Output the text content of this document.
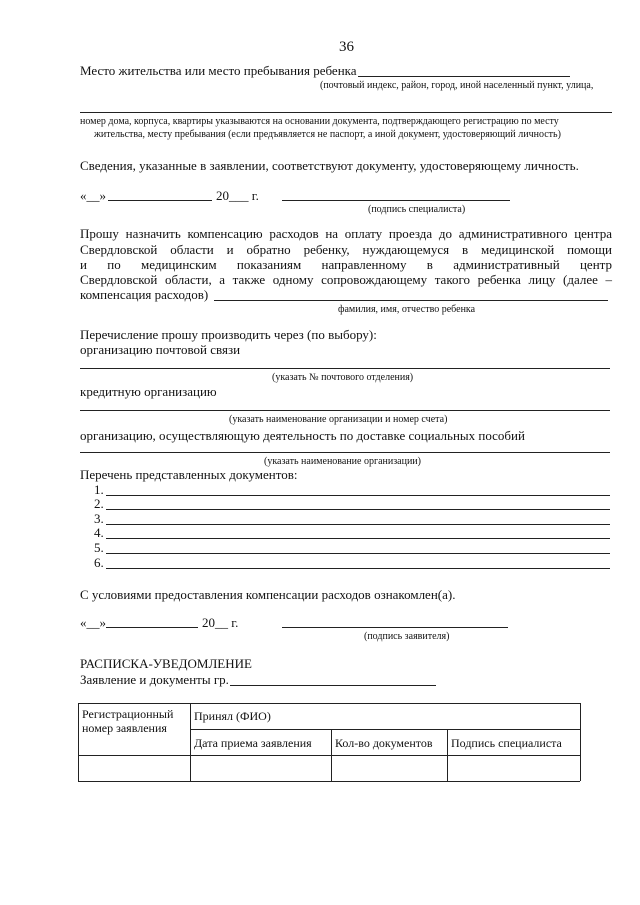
36
Место жительства или место пребывания ребенка
(почтовый индекс, район, город, иной населенный пункт, улица,
номер дома, корпуса, квартиры указываются на основании документа, подтверждающего регистрацию по месту
жительства, месту пребывания (если предъявляется не паспорт, а иной документ, удостоверяющий личность)
Сведения, указанные в заявлении, соответствуют документу, удостоверяющему личность.
«__»	20___ г.
(подпись специалиста)
Прошу назначить компенсацию расходов на оплату проезда до административного центра
Свердловской области и обратно ребенку, нуждающемуся в медицинской помощи
и по медицинским показаниям направленному в административный центр
Свердловской области, а также одному сопровождающему такого ребенка лицу (далее –
компенсация расходов)
фамилия, имя, отчество ребенка
Перечисление прошу производить через (по выбору):
организацию почтовой связи
(указать № почтового отделения)
кредитную организацию
(указать наименование организации и номер счета)
организацию, осуществляющую деятельность по доставке социальных пособий
(указать наименование организации)
Перечень представленных документов:
1.
2.
3.
4.
5.
6.
С условиями предоставления компенсации расходов ознакомлен(а).
«__»	20__ г.
(подпись заявителя)
РАСПИСКА-УВЕДОМЛЕНИЕ
Заявление и документы гр.
Регистрационный
номер заявления
Принял (ФИО)
Дата приема заявления Кол-во документов Подпись специалиста
